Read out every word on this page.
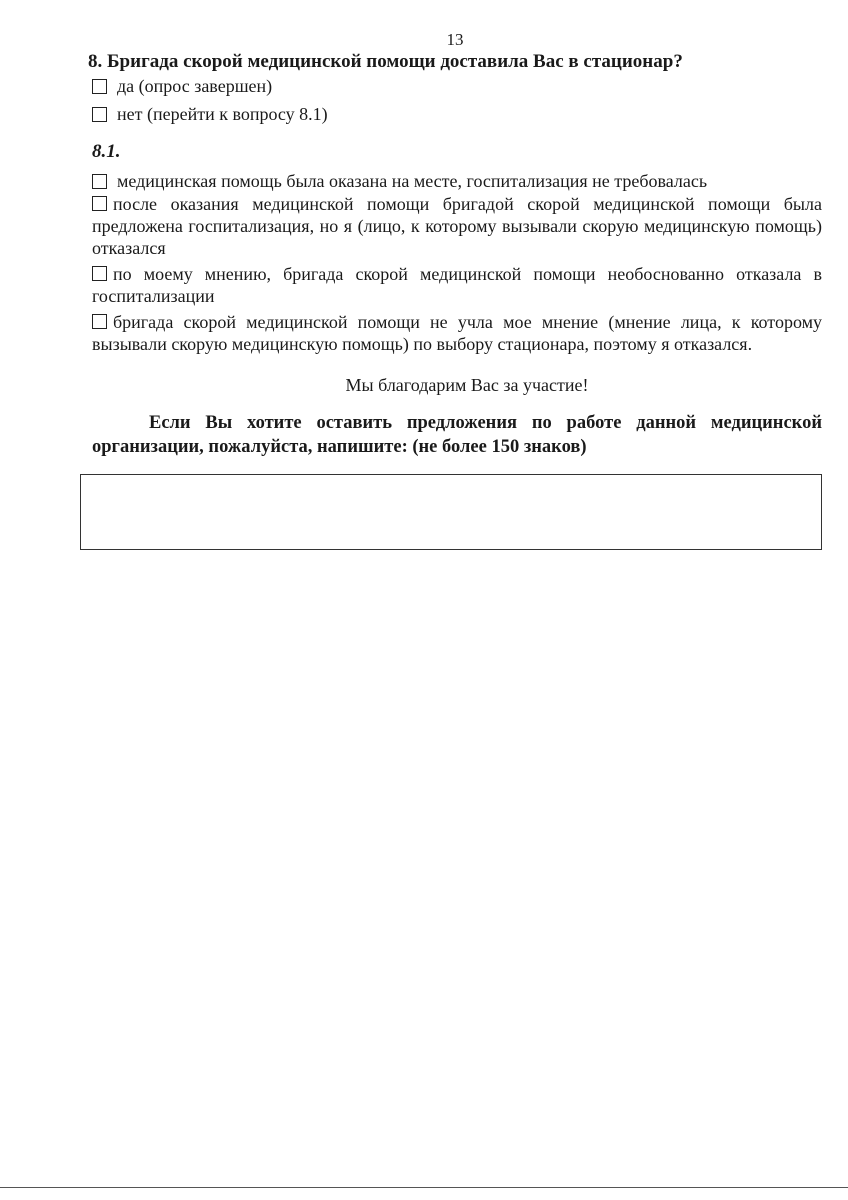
13

8. Бригада скорой медицинской помощи доставила Вас в стационар?

да (опрос завершен)
нет (перейти к вопросу 8.1)

8.1.

медицинская помощь была оказана на месте, госпитализация не требовалась

после оказания медицинской помощи бригадой скорой медицинской помощи была предложена госпитализация, но я (лицо, к которому вызывали скорую медицинскую помощь) отказался

по моему мнению, бригада скорой медицинской помощи необоснованно отказала в госпитализации

бригада скорой медицинской помощи не учла мое мнение (мнение лица, к которому вызывали скорую медицинскую помощь) по выбору стационара, поэтому я отказался.

Мы благодарим Вас за участие!

Если Вы хотите оставить предложения по работе данной медицинской организации, пожалуйста, напишите: (не более 150 знаков)
